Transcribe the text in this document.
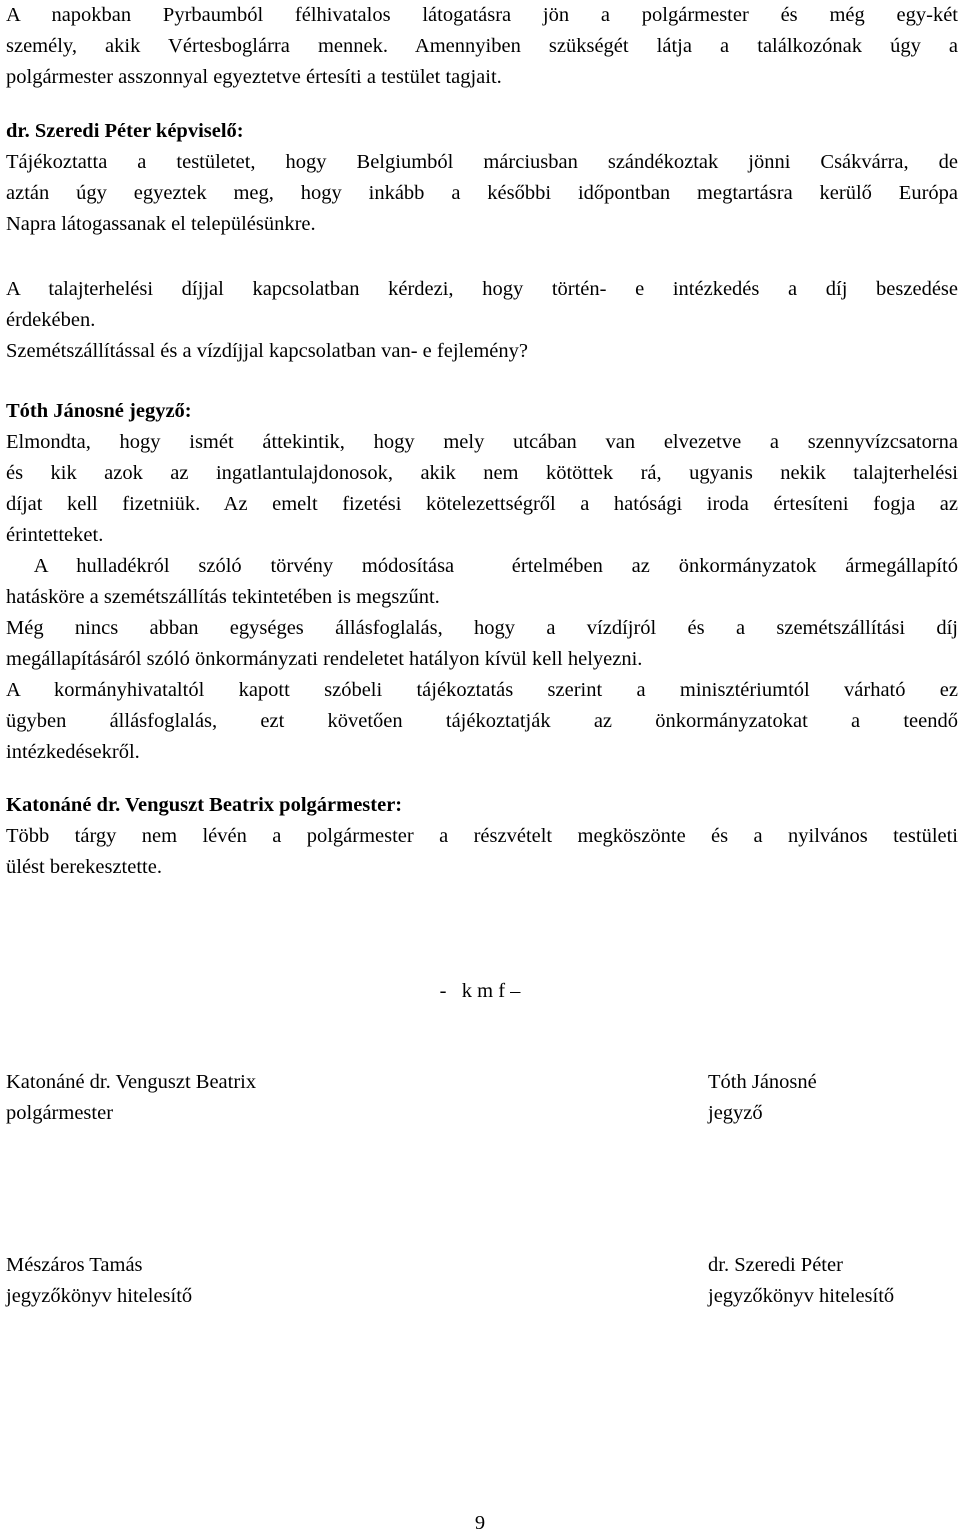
A napokban Pyrbaumból félhivatalos látogatásra jön a polgármester és még egy-két

személy, akik Vértesboglárra mennek. Amennyiben szükségét látja a találkozónak úgy a

polgármester asszonnyal egyeztetve értesíti a testület tagjait.

dr. Szeredi Péter képviselő:

Tájékoztatta a testületet, hogy Belgiumból márciusban szándékoztak jönni Csákvárra, de

aztán úgy egyeztek meg, hogy inkább a későbbi időpontban megtartásra kerülő Európa

Napra látogassanak el településünkre.

A talajterhelési díjjal kapcsolatban kérdezi, hogy történ- e intézkedés a díj beszedése

érdekében.

Szemétszállítással és a vízdíjjal kapcsolatban van- e fejlemény?

Tóth Jánosné jegyző:

Elmondta, hogy ismét áttekintik, hogy mely utcában van elvezetve a szennyvízcsatorna

és kik azok az ingatlantulajdonosok, akik nem kötöttek rá, ugyanis nekik talajterhelési

díjat kell fizetniük. Az emelt fizetési kötelezettségről a hatósági iroda értesíteni fogja az

érintetteket.

A hulladékról szóló törvény módosítása  értelmében az önkormányzatok ármegállapító

hatásköre a szemétszállítás tekintetében is megszűnt.

Még nincs abban egységes állásfoglalás, hogy a vízdíjról és a szemétszállítási díj

megállapításáról szóló önkormányzati rendeletet hatályon kívül kell helyezni.

A kormányhivataltól kapott szóbeli tájékoztatás szerint a minisztériumtól várható ez

ügyben állásfoglalás, ezt követően tájékoztatják az önkormányzatokat a teendő

intézkedésekről.

Katonáné dr. Venguszt Beatrix polgármester:

Több tárgy nem lévén a polgármester a részvételt megköszönte és a nyilvános testületi

ülést berekesztette.

-   k m f –

Katonáné dr. Venguszt Beatrix

polgármester

Tóth Jánosné

jegyző

Mészáros Tamás

jegyzőkönyv hitelesítő

dr. Szeredi Péter

jegyzőkönyv hitelesítő

9
